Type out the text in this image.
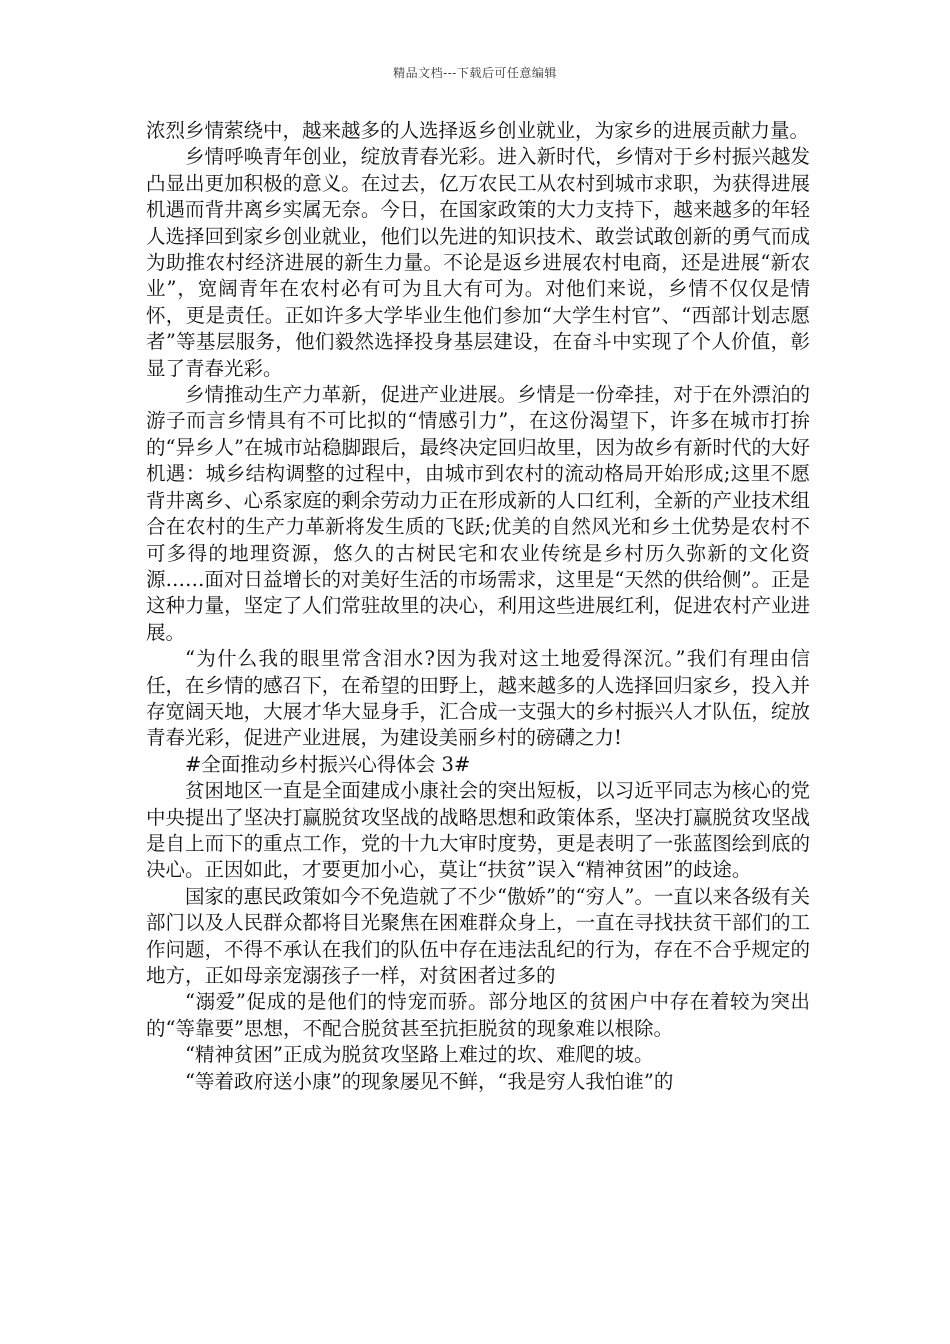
精品文档---下载后可任意编辑

浓烈乡情萦绕中，越来越多的人选择返乡创业就业，为家乡的进展贡献力量。

乡情呼唤青年创业，绽放青春光彩。进入新时代，乡情对于乡村振兴越发凸显出更加积极的意义。在过去，亿万农民工从农村到城市求职，为获得进展机遇而背井离乡实属无奈。今日，在国家政策的大力支持下，越来越多的年轻人选择回到家乡创业就业，他们以先进的知识技术、敢尝试敢创新的勇气而成为助推农村经济进展的新生力量。不论是返乡进展农村电商，还是进展“新农业”，宽阔青年在农村必有可为且大有可为。对他们来说，乡情不仅仅是情怀，更是责任。正如许多大学毕业生他们参加“大学生村官”、“西部计划志愿者”等基层服务，他们毅然选择投身基层建设，在奋斗中实现了个人价值，彰显了青春光彩。

乡情推动生产力革新，促进产业进展。乡情是一份牵挂，对于在外漂泊的游子而言乡情具有不可比拟的“情感引力”，在这份渴望下，许多在城市打拚的“异乡人”在城市站稳脚跟后，最终决定回归故里，因为故乡有新时代的大好机遇：城乡结构调整的过程中，由城市到农村的流动格局开始形成;这里不愿背井离乡、心系家庭的剩余劳动力正在形成新的人口红利，全新的产业技术组合在农村的生产力革新将发生质的飞跃;优美的自然风光和乡土优势是农村不可多得的地理资源，悠久的古树民宅和农业传统是乡村历久弥新的文化资源……面对日益增长的对美好生活的市场需求，这里是“天然的供给侧”。正是这种力量，坚定了人们常驻故里的决心，利用这些进展红利，促进农村产业进展。

“为什么我的眼里常含泪水?因为我对这土地爱得深沉。”我们有理由信任，在乡情的感召下，在希望的田野上，越来越多的人选择回归家乡，投入并存宽阔天地，大展才华大显身手，汇合成一支强大的乡村振兴人才队伍，绽放青春光彩，促进产业进展，为建设美丽乡村的磅礴之力!

#全面推动乡村振兴心得体会 3#

贫困地区一直是全面建成小康社会的突出短板，以习近平同志为核心的党中央提出了坚决打赢脱贫攻坚战的战略思想和政策体系，坚决打赢脱贫攻坚战是自上而下的重点工作，党的十九大审时度势，更是表明了一张蓝图绘到底的决心。正因如此，才要更加小心，莫让“扶贫”误入“精神贫困”的歧途。

国家的惠民政策如今不免造就了不少“傲娇”的“穷人”。一直以来各级有关部门以及人民群众都将目光聚焦在困难群众身上，一直在寻找扶贫干部们的工作问题，不得不承认在我们的队伍中存在违法乱纪的行为，存在不合乎规定的地方，正如母亲宠溺孩子一样，对贫困者过多的

“溺爱”促成的是他们的恃宠而骄。部分地区的贫困户中存在着较为突出的“等靠要”思想，不配合脱贫甚至抗拒脱贫的现象难以根除。

“精神贫困”正成为脱贫攻坚路上难过的坎、难爬的坡。

“等着政府送小康”的现象屡见不鲜，“我是穷人我怕谁”的
